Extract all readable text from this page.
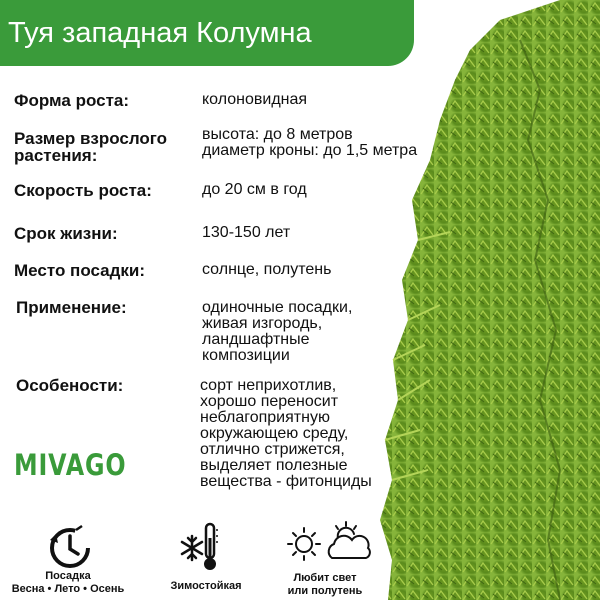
Туя западная Колумна
Форма роста:	колоновидная
Размер взрослого
растения:
высота: до 8 метров
диаметр кроны: до 1,5 метра
Скорость роста:	до 20 см в год
Срок жизни:	130-150 лет
Место посадки:	солнце, полутень
Применение:	одиночные посадки,
живая изгородь,
ландшафтные
композиции
Особености:	сорт неприхотлив,
хорошо переносит
неблагоприятную
окружающею среду,
отлично стрижется,
выделяет полезные
вещества - фитонциды
MIVAGO
Посадка
Весна • Лето • Осень	Зимостойкая
Любит свет
или полутень
